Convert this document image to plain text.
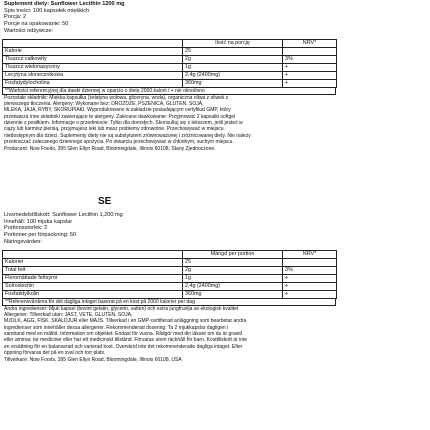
Suplement diety: Sunflower Lecithin 1200 mg
Spis treści: 100 kapsułek miękkich
Porcja: 2
Porcje na opakowanie: 50
Wartości odżywcze:
	Ilość na porcję	NRV*
Kalorie	25	
Tłuszcz całkowity	2g	3%
Tłuszcz wielonasycony	1g	+
Lecytyna słonecznikowa	2,4g (2400mg)	+
Fosfatydylocholina	360mg	+
**Wartości referencyjnej dla dawki dziennej w oparciu o dietę 2000 kalorii / + nie określono
Pozostałe składniki: Miękka kapsułka (żelatyna wołowa, gliceryna, woda), organiczna oliwa z oliwek z
pierwszego tłoczenia. Alergeny: Wykonane bez: DROŻDŻE, PSZENICA, GLUTEN, SOJA,
MLEKA, JAJA, RYBY, SKORUPIAKI. Wyprodukowano w zakładzie posiadającym certyfikat GMP, który
przetwarza inne składniki zawierające te alergeny. Zalecane dawkowanie: Przyjmować 2 kapsułki softgel
dziennie z posiłkiem. Informacje o przedmiocie: Tylko dla dorosłych. Skonsultuj się z lekarzem, jeśli jesteś w
ciąży lub karmisz piersią, przyjmujesz leki lub masz problemy zdrowotne. Przechowywać w miejscu
niedostępnym dla dzieci. Suplementy diety nie są substytutem zrównoważonej i zróżnicowanej diety. Nie należy
przekraczać zalecanego dziennego spożycia. Po otwarciu przechowywać w chłodnym, suchym miejscu.
Producent: Now Foods, 395 Glen Ellyn Road, Bloomingdale, Illinois 60108, Stany Zjednoczone.
SE
Livsmedelstillskott: Sunflower Lecithin 1,200 mg
Innehåll: 100 mjuka kapslar
Portionsstorlek: 2
Portioner per förpackning: 50
Näringsvärden:
	Mängd per portion	NRV*
Kalorier	25	
Total fett	2g	3%
Fleromättade fettsyror	1g	+
Solroslecitin	2,4g (2400mg)	+
Fosfatidylkolin	360mg	+
**Referensvärdena för det dagliga intaget baserat på en kost på 2000 kalorier per dag
Andra ingredienser: Mjuk kapsel (bovint gelatin, glycerin, vatten) och extra jungfruolja av ekologisk kvalitet
Allergener: Tillverkad utan: JÄST, VETE, GLUTEN, SOJA,
MJÖLK, ÄGG, FISK, SKALDJUR eller MAJS. Tillverkad i en GMP-certifierad anläggning som bearbetar andra
ingredienser som innehåller dessa allergener. Rekommenderad dosering: Ta 2 mjukkapslar dagligen i
samband med en måltid. Information om objektet: Endast för vuxna. Rådgör med din läkare om du är gravid
eller ammar, tar mediciner eller har ett medicinskt tillstånd. Förvaras utom räckhåll för barn. Kosttillskott är inte
en ersättning för en balanserad och varierad kost. Överskrid inte det rekommenderade dagliga intaget. Efter
öppning förvaras det på en sval och torr plats.
Tillverkare: Now Foods, 395 Glen Ellyn Road, Bloomingdale, Illinois 60108, USA
